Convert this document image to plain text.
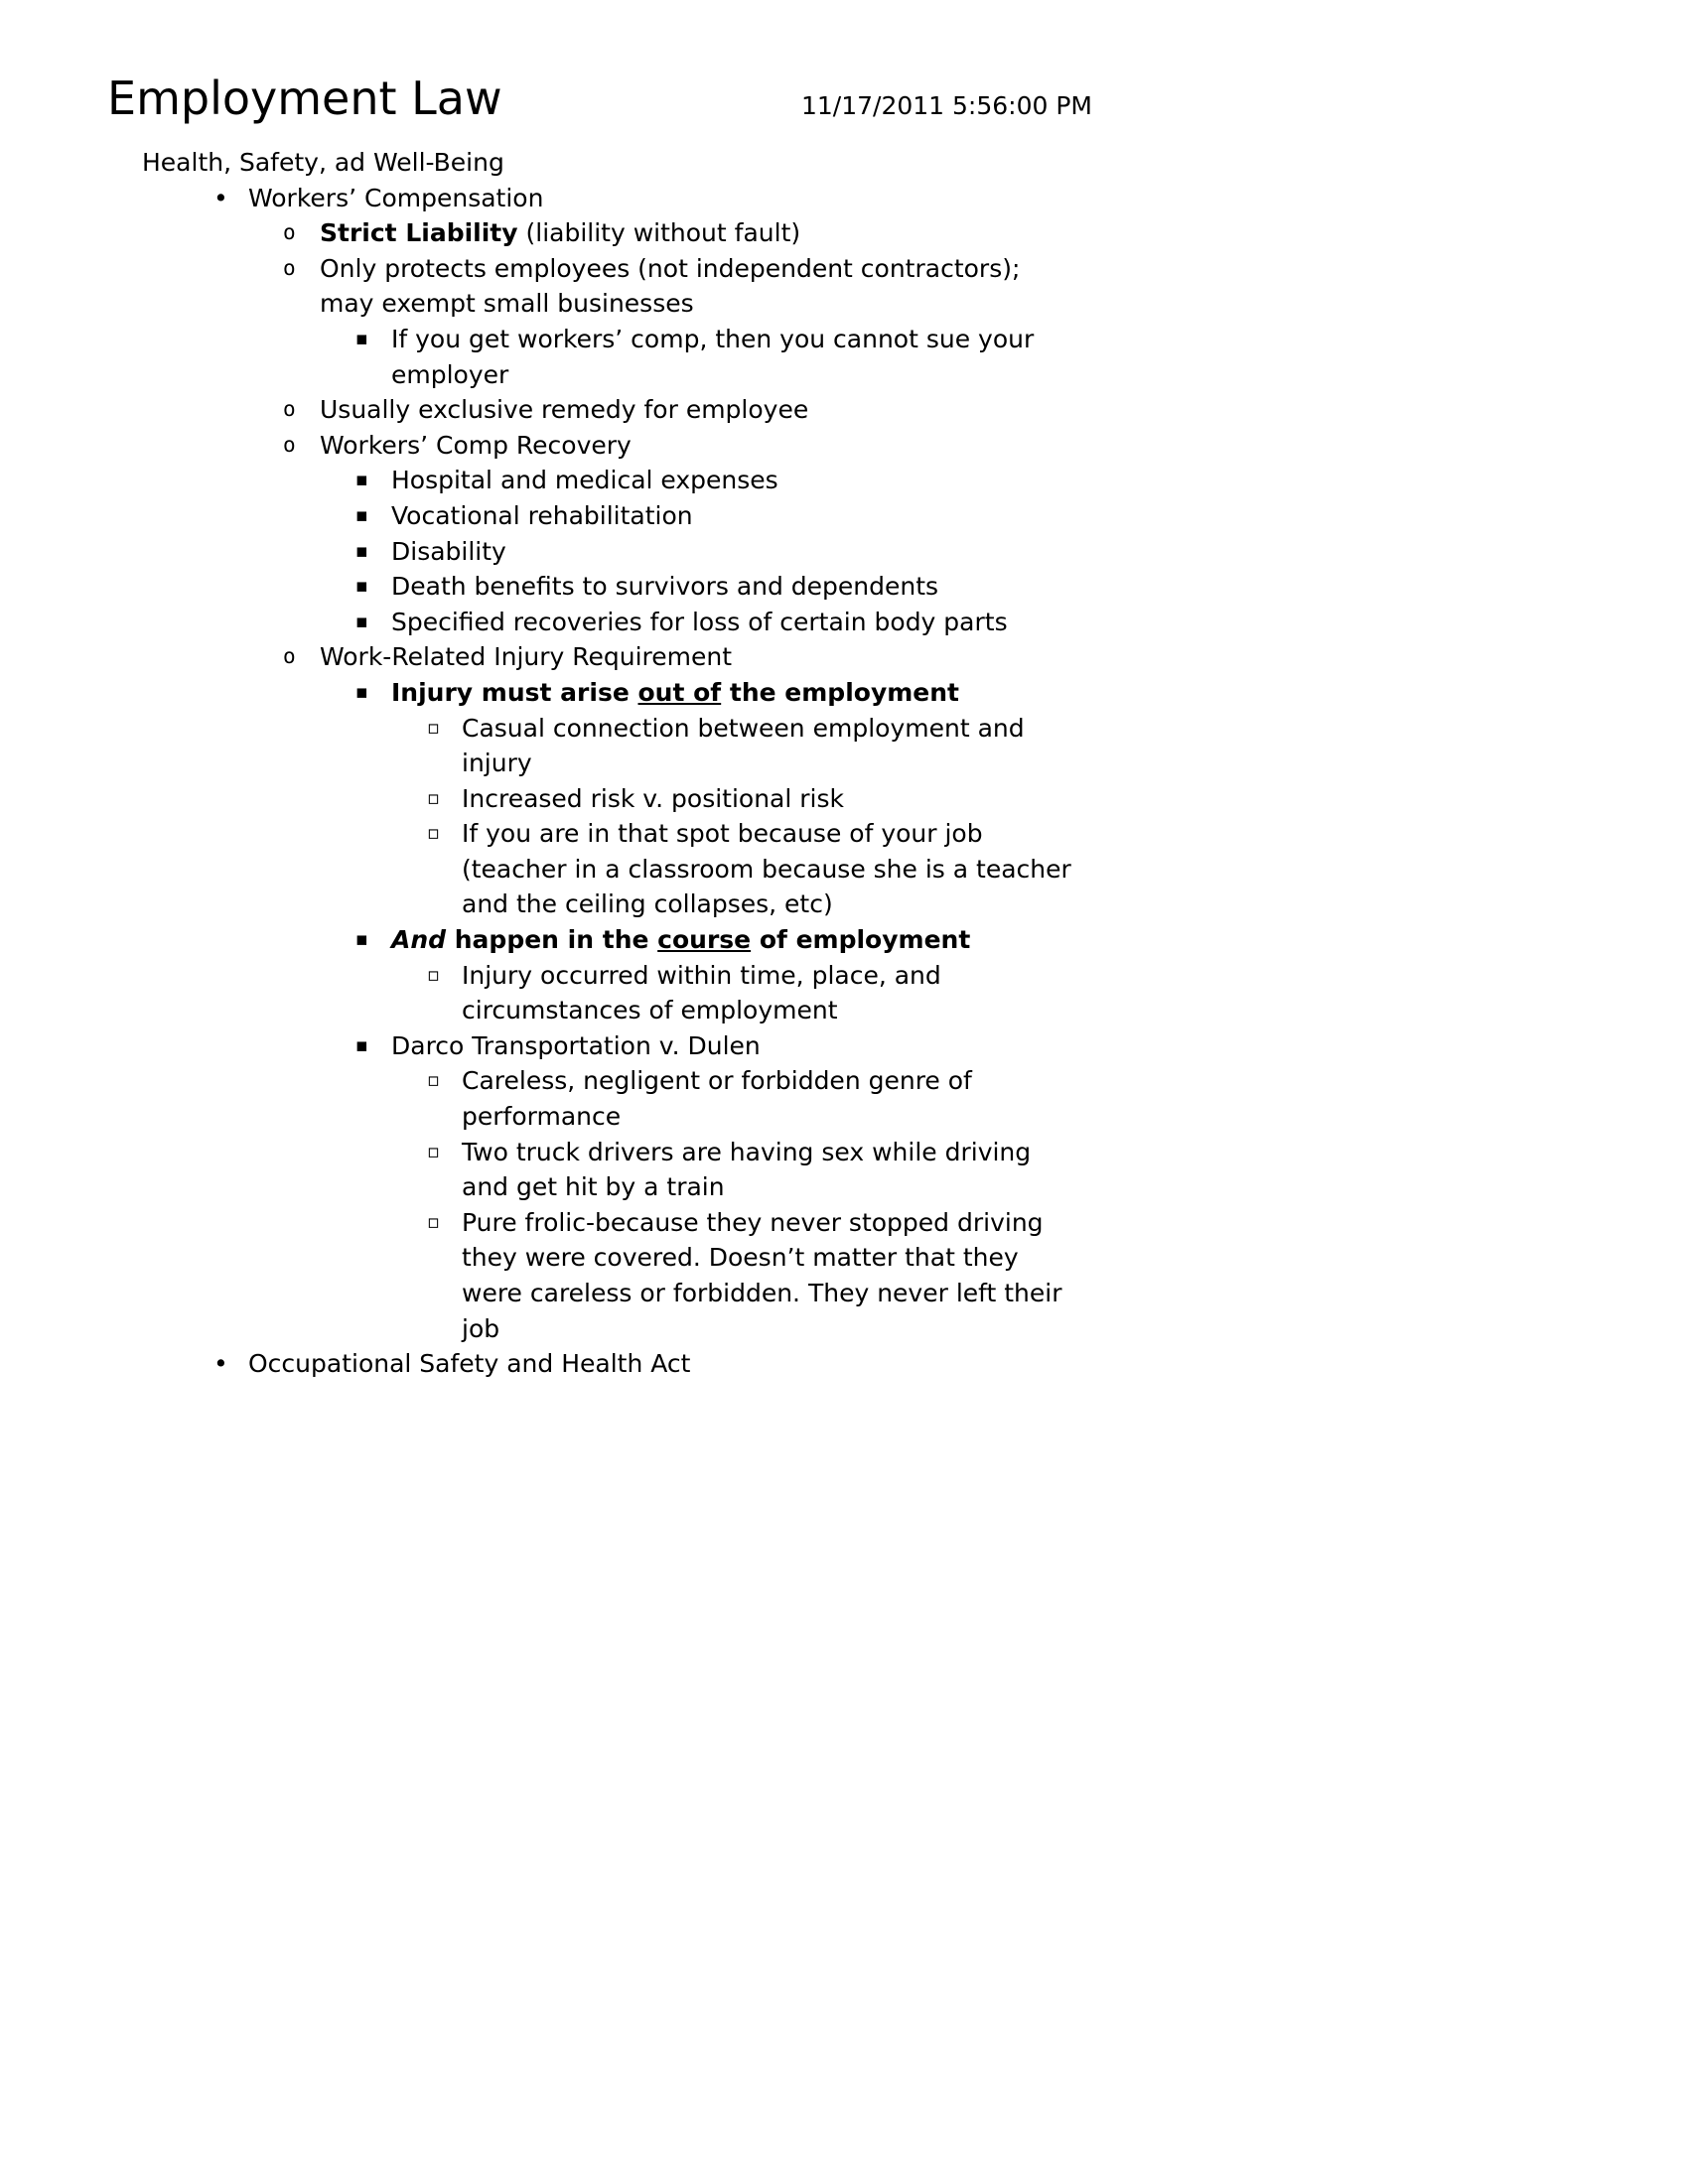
Employment Law	11/17/2011 5:56:00 PM
Health, Safety, ad Well-Being
• Workers’ Compensation
o Strict Liability (liability without fault)
o Only protects employees (not independent contractors); may exempt small businesses
▪ If you get workers’ comp, then you cannot sue your employer
o Usually exclusive remedy for employee
o Workers’ Comp Recovery
▪ Hospital and medical expenses
▪ Vocational rehabilitation
▪ Disability
▪ Death benefits to survivors and dependents
▪ Specified recoveries for loss of certain body parts
o Work-Related Injury Requirement
▪ Injury must arise out of the employment
▫ Casual connection between employment and injury
▫ Increased risk v. positional risk
▫ If you are in that spot because of your job (teacher in a classroom because she is a teacher and the ceiling collapses, etc)
▪ And happen in the course of employment
▫ Injury occurred within time, place, and circumstances of employment
▪ Darco Transportation v. Dulen
▫ Careless, negligent or forbidden genre of performance
▫ Two truck drivers are having sex while driving and get hit by a train
▫ Pure frolic-because they never stopped driving they were covered. Doesn’t matter that they were careless or forbidden. They never left their job
• Occupational Safety and Health Act
